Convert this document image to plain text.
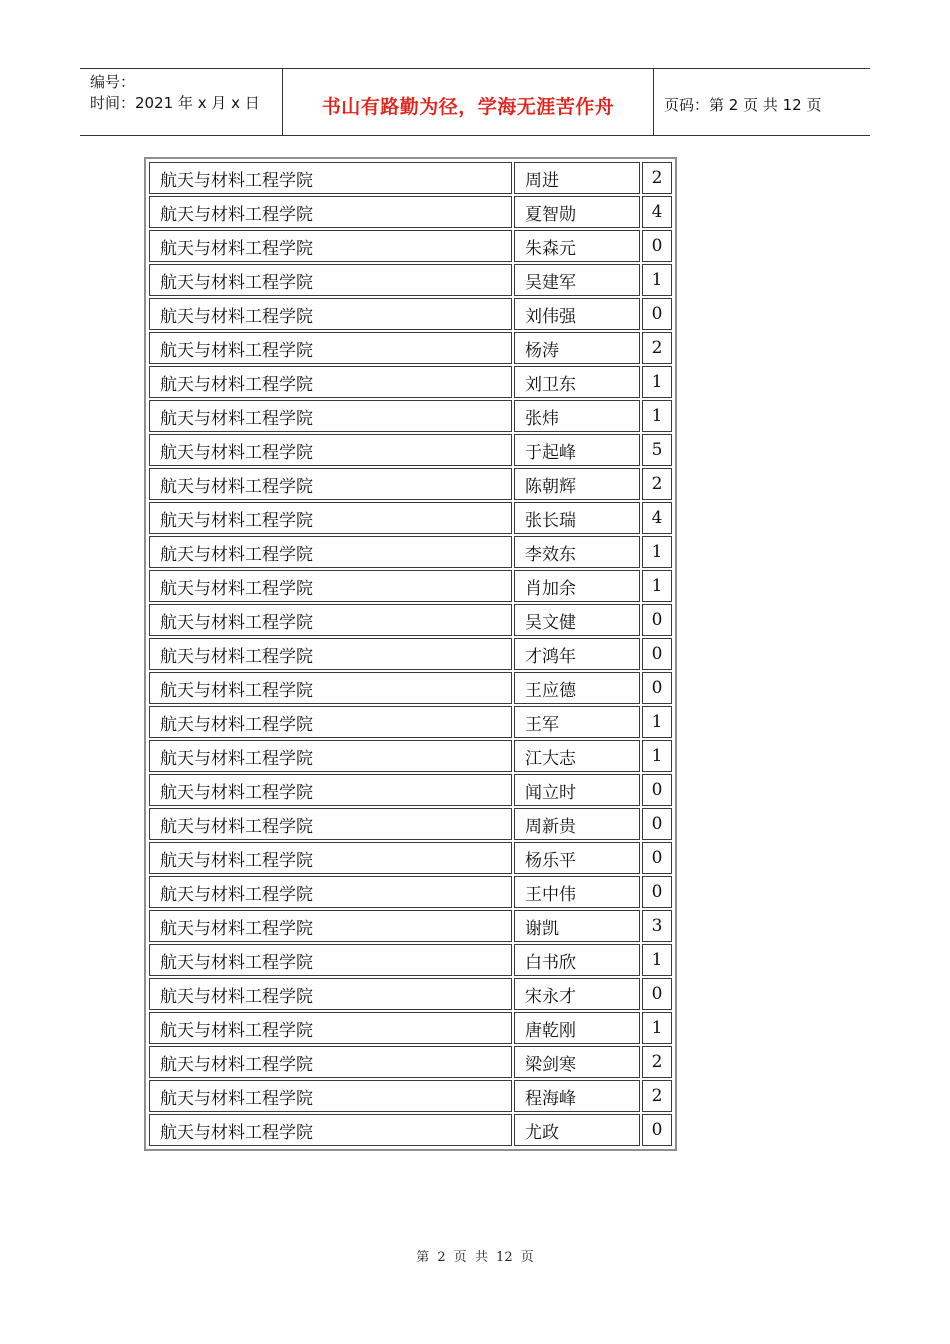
编号：
时间：2021 年 x 月 x 日	书山有路勤为径，学海无涯苦作舟	页码：第 2 页 共 12 页
航天与材料工程学院	周进	2
航天与材料工程学院	夏智勋	4
航天与材料工程学院	朱森元	0
航天与材料工程学院	吴建军	1
航天与材料工程学院	刘伟强	0
航天与材料工程学院	杨涛	2
航天与材料工程学院	刘卫东	1
航天与材料工程学院	张炜	1
航天与材料工程学院	于起峰	5
航天与材料工程学院	陈朝辉	2
航天与材料工程学院	张长瑞	4
航天与材料工程学院	李效东	1
航天与材料工程学院	肖加余	1
航天与材料工程学院	吴文健	0
航天与材料工程学院	才鸿年	0
航天与材料工程学院	王应德	0
航天与材料工程学院	王军	1
航天与材料工程学院	江大志	1
航天与材料工程学院	闻立时	0
航天与材料工程学院	周新贵	0
航天与材料工程学院	杨乐平	0
航天与材料工程学院	王中伟	0
航天与材料工程学院	谢凯	3
航天与材料工程学院	白书欣	1
航天与材料工程学院	宋永才	0
航天与材料工程学院	唐乾刚	1
航天与材料工程学院	梁剑寒	2
航天与材料工程学院	程海峰	2
航天与材料工程学院	尤政	0
第 2 页 共 12 页
